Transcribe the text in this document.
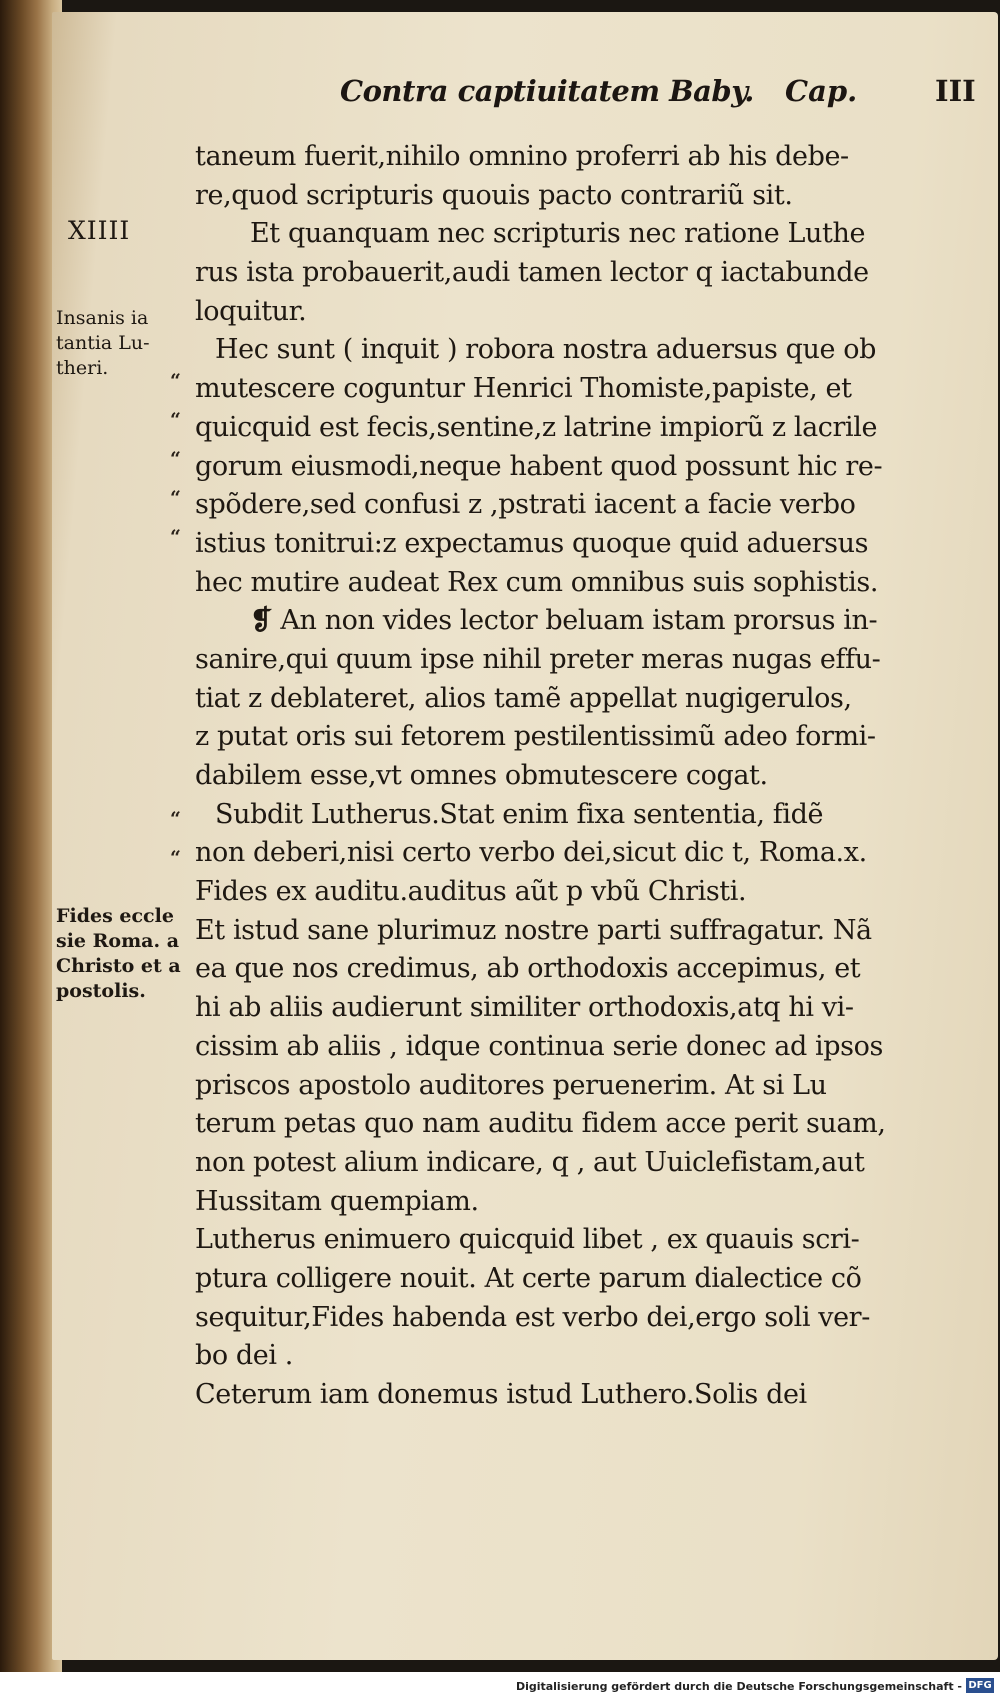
Contra captiuitatem Baby. Cap.	III
XIIII
Insanis ia
tantia Lu-
theri.
Fides eccle
sie Roma. a
Christo et a
postolis.
“
“
“
“
“
“
“
taneum fuerit,nihilo omnino proferri ab his debe-
re,quod scripturis quouis pacto contrariũ sit.
Et quanquam nec scripturis nec ratione Luthe
rus ista probauerit,audi tamen lector q iactabunde
loquitur.
Hec sunt ( inquit ) robora nostra aduersus que ob
mutescere coguntur Henrici Thomiste,papiste, et
quicquid est fecis,sentine,z latrine impiorũ z lacrile
gorum eiusmodi,neque habent quod possunt hic re-
spõdere,sed confusi z ,pstrati iacent a facie verbo
istius tonitrui:z expectamus quoque quid aduersus
hec mutire audeat Rex cum omnibus suis sophistis.
❡ An non vides lector beluam istam prorsus in-
sanire,qui quum ipse nihil preter meras nugas effu-
tiat z deblateret, alios tamẽ appellat nugigerulos,
z putat oris sui fetorem pestilentissimũ adeo formi-
dabilem esse,vt omnes obmutescere cogat.
Subdit Lutherus.Stat enim fixa sententia, fidẽ
non deberi,nisi certo verbo dei,sicut dic t, Roma.x.
Fides ex auditu.auditus aũt p vbũ Christi.
Et istud sane plurimuz nostre parti suffragatur. Nã
ea que nos credimus, ab orthodoxis accepimus, et
hi ab aliis audierunt similiter orthodoxis,atq hi vi-
cissim ab aliis , idque continua serie donec ad ipsos
priscos apostolo auditores peruenerim. At si Lu
terum petas quo nam auditu fidem acce perit suam,
non potest alium indicare, q , aut Uuiclefistam,aut
Hussitam quempiam.
Lutherus enimuero quicquid libet , ex quauis scri-
ptura colligere nouit. At certe parum dialectice cõ
sequitur,Fides habenda est verbo dei,ergo soli ver-
bo dei .
Ceterum iam donemus istud Luthero.Solis dei
Digitalisierung gefördert durch die Deutsche Forschungsgemeinschaft - DFG
